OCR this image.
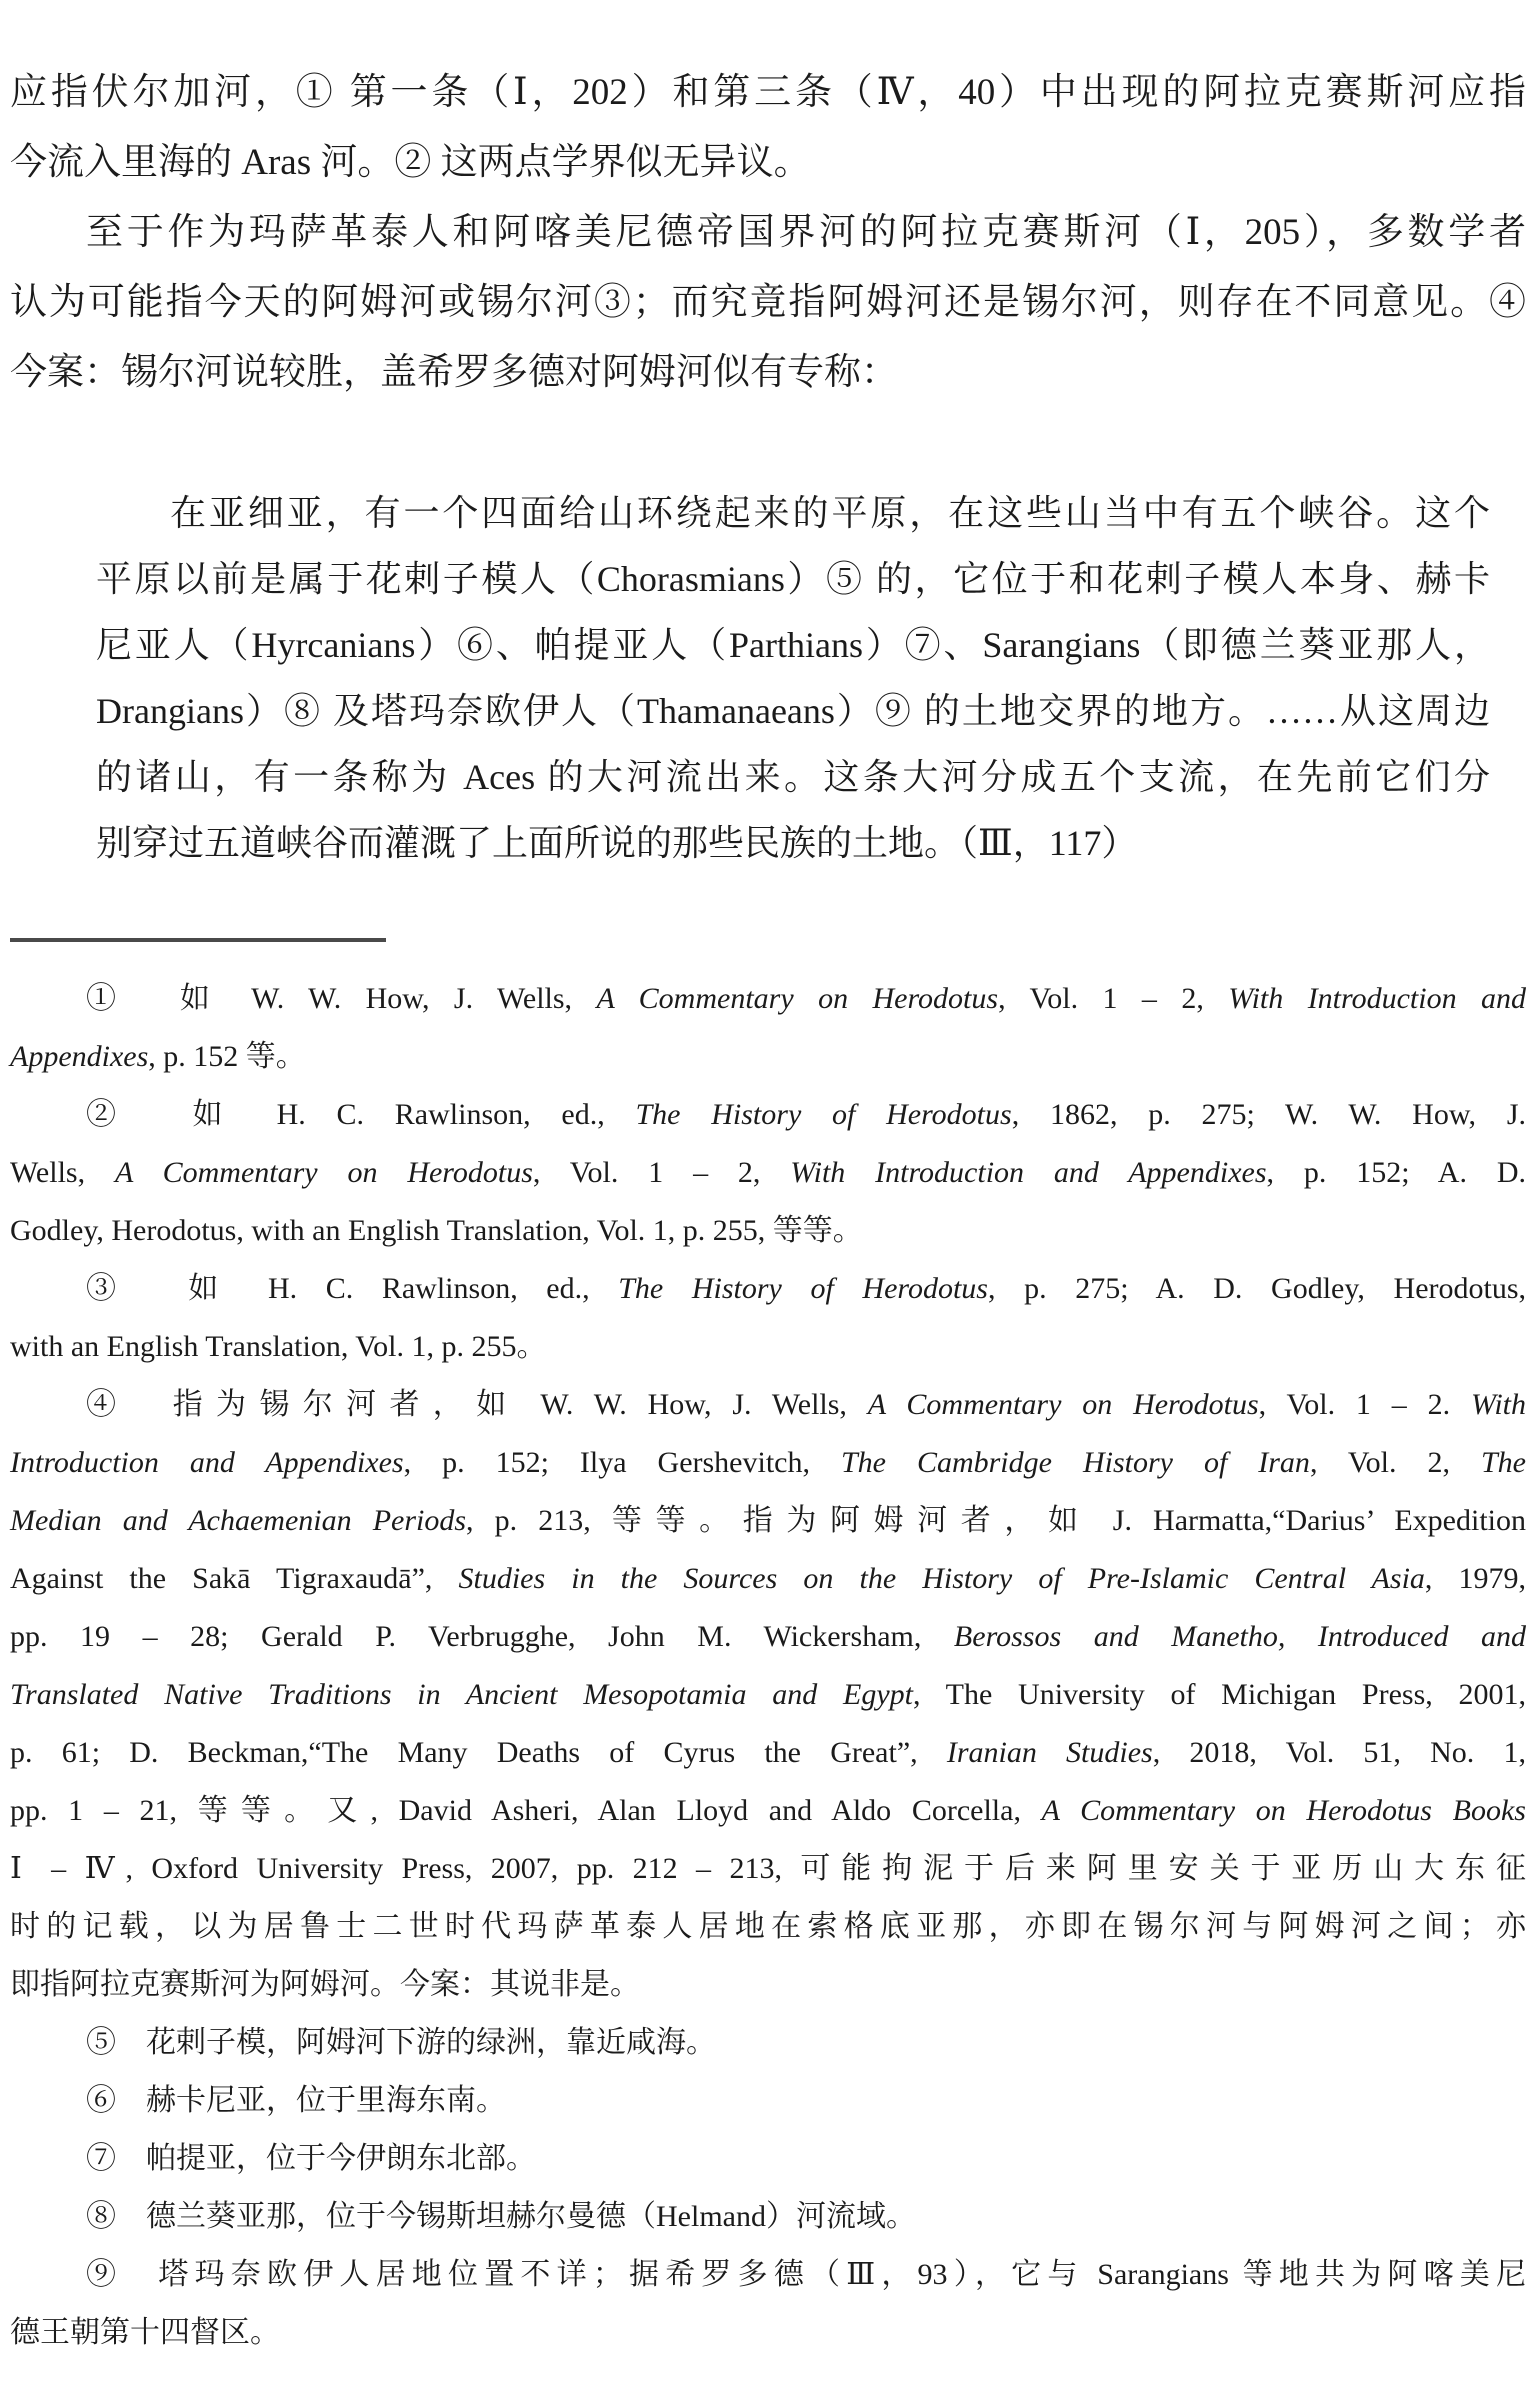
应指伏尔加河，① 第一条（Ⅰ，202）和第三条（Ⅳ，40）中出现的阿拉克赛斯河应指
今流入里海的 Aras 河。② 这两点学界似无异议。
至于作为玛萨革泰人和阿喀美尼德帝国界河的阿拉克赛斯河（Ⅰ，205），多数学者
认为可能指今天的阿姆河或锡尔河③；而究竟指阿姆河还是锡尔河，则存在不同意见。④
今案：锡尔河说较胜，盖希罗多德对阿姆河似有专称：
在亚细亚，有一个四面给山环绕起来的平原，在这些山当中有五个峡谷。这个
平原以前是属于花剌子模人（Chorasmians）⑤ 的，它位于和花剌子模人本身、赫卡
尼亚人（Hyrcanians）⑥、帕提亚人（Parthians）⑦、Sarangians（即德兰葵亚那人，
Drangians）⑧ 及塔玛奈欧伊人（Thamanaeans）⑨ 的土地交界的地方。……从这周边
的诸山，有一条称为 Aces 的大河流出来。这条大河分成五个支流，在先前它们分
别穿过五道峡谷而灌溉了上面所说的那些民族的土地。（Ⅲ，117）
①　如 W. W. How, J. Wells, A Commentary on Herodotus, Vol. 1 – 2, With Introduction and
Appendixes, p. 152 等。
②　如 H. C. Rawlinson, ed., The History of Herodotus, 1862, p. 275; W. W. How, J.
Wells, A Commentary on Herodotus, Vol. 1 – 2, With Introduction and Appendixes, p. 152; A. D.
Godley, Herodotus, with an English Translation, Vol. 1, p. 255, 等等。
③　如 H. C. Rawlinson, ed., The History of Herodotus, p. 275; A. D. Godley, Herodotus,
with an English Translation, Vol. 1, p. 255。
④　指为锡尔河者，如 W. W. How, J. Wells, A Commentary on Herodotus, Vol. 1 – 2. With
Introduction and Appendixes, p. 152; Ilya Gershevitch, The Cambridge History of Iran, Vol. 2, The
Median and Achaemenian Periods, p. 213, 等等。指为阿姆河者，如 J. Harmatta,“Darius’ Expedition
Against the Sakā Tigraxaudā”, Studies in the Sources on the History of Pre-Islamic Central Asia, 1979,
pp. 19 – 28; Gerald P. Verbrugghe, John M. Wickersham, Berossos and Manetho, Introduced and
Translated Native Traditions in Ancient Mesopotamia and Egypt, The University of Michigan Press, 2001,
p. 61; D. Beckman,“The Many Deaths of Cyrus the Great”, Iranian Studies, 2018, Vol. 51, No. 1,
pp. 1 – 21, 等等。又, David Asheri, Alan Lloyd and Aldo Corcella, A Commentary on Herodotus Books
Ⅰ – Ⅳ, Oxford University Press, 2007, pp. 212 – 213, 可能拘泥于后来阿里安关于亚历山大东征
时的记载，以为居鲁士二世时代玛萨革泰人居地在索格底亚那，亦即在锡尔河与阿姆河之间；亦
即指阿拉克赛斯河为阿姆河。今案：其说非是。
⑤　花剌子模，阿姆河下游的绿洲，靠近咸海。
⑥　赫卡尼亚，位于里海东南。
⑦　帕提亚，位于今伊朗东北部。
⑧　德兰葵亚那，位于今锡斯坦赫尔曼德（Helmand）河流域。
⑨　塔玛奈欧伊人居地位置不详；据希罗多德（Ⅲ，93），它与 Sarangians 等地共为阿喀美尼
德王朝第十四督区。
